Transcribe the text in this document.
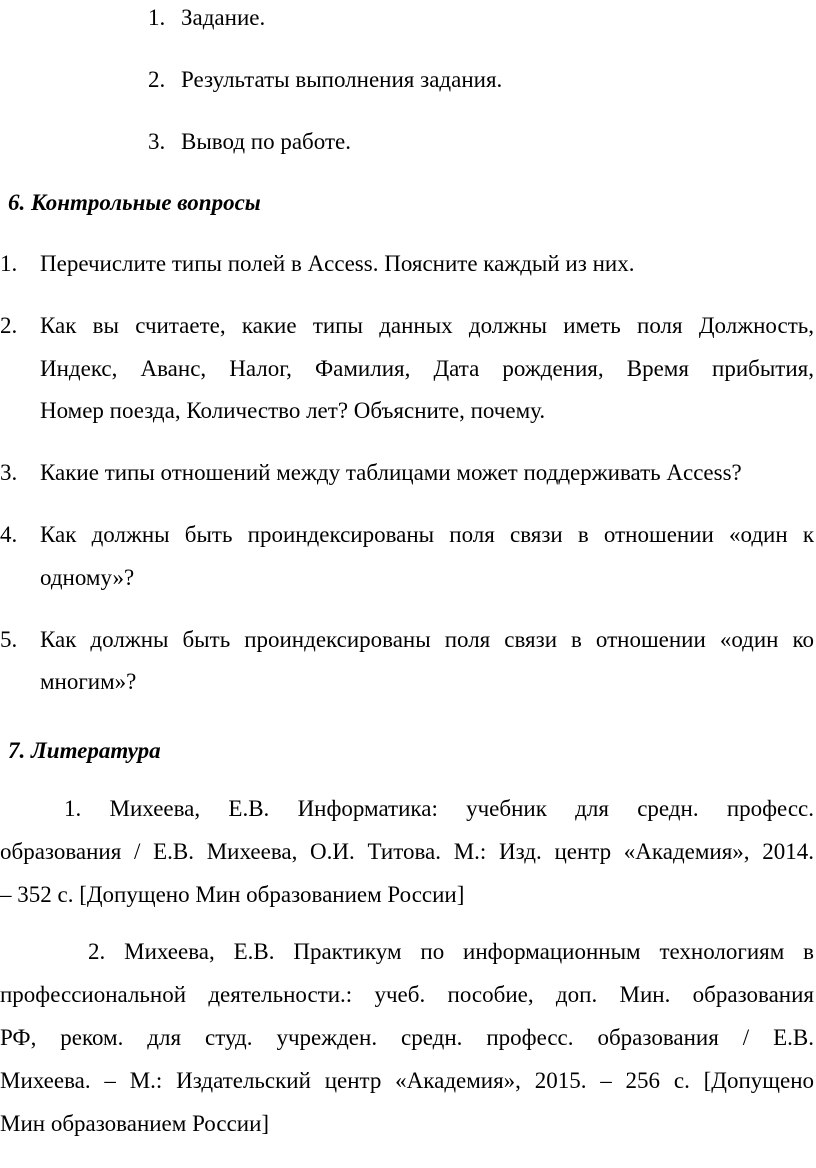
1. Задание.
2. Результаты выполнения задания.
3. Вывод по работе.
6. Контрольные вопросы
1. Перечислите типы полей в Access. Поясните каждый из них.
2. Как вы считаете, какие типы данных должны иметь поля Должность,
Индекс, Аванс, Налог, Фамилия, Дата рождения, Время прибытия,
Номер поезда, Количество лет? Объясните, почему.
3. Какие типы отношений между таблицами может поддерживать Access?
4. Как должны быть проиндексированы поля связи в отношении «один к
одному»?
5. Как должны быть проиндексированы поля связи в отношении «один ко
многим»?
7. Литература
1. Михеева, Е.В. Информатика: учебник для средн. професс.
образования / Е.В. Михеева, О.И. Титова. М.: Изд. центр «Академия», 2014.
– 352 с. [Допущено Мин образованием России]
2. Михеева, Е.В. Практикум по информационным технологиям в
профессиональной деятельности.: учеб. пособие, доп. Мин. образования
РФ, реком. для студ. учрежден. средн. професс. образования / Е.В.
Михеева. – М.: Издательский центр «Академия», 2015. – 256 с. [Допущено
Мин образованием России]
